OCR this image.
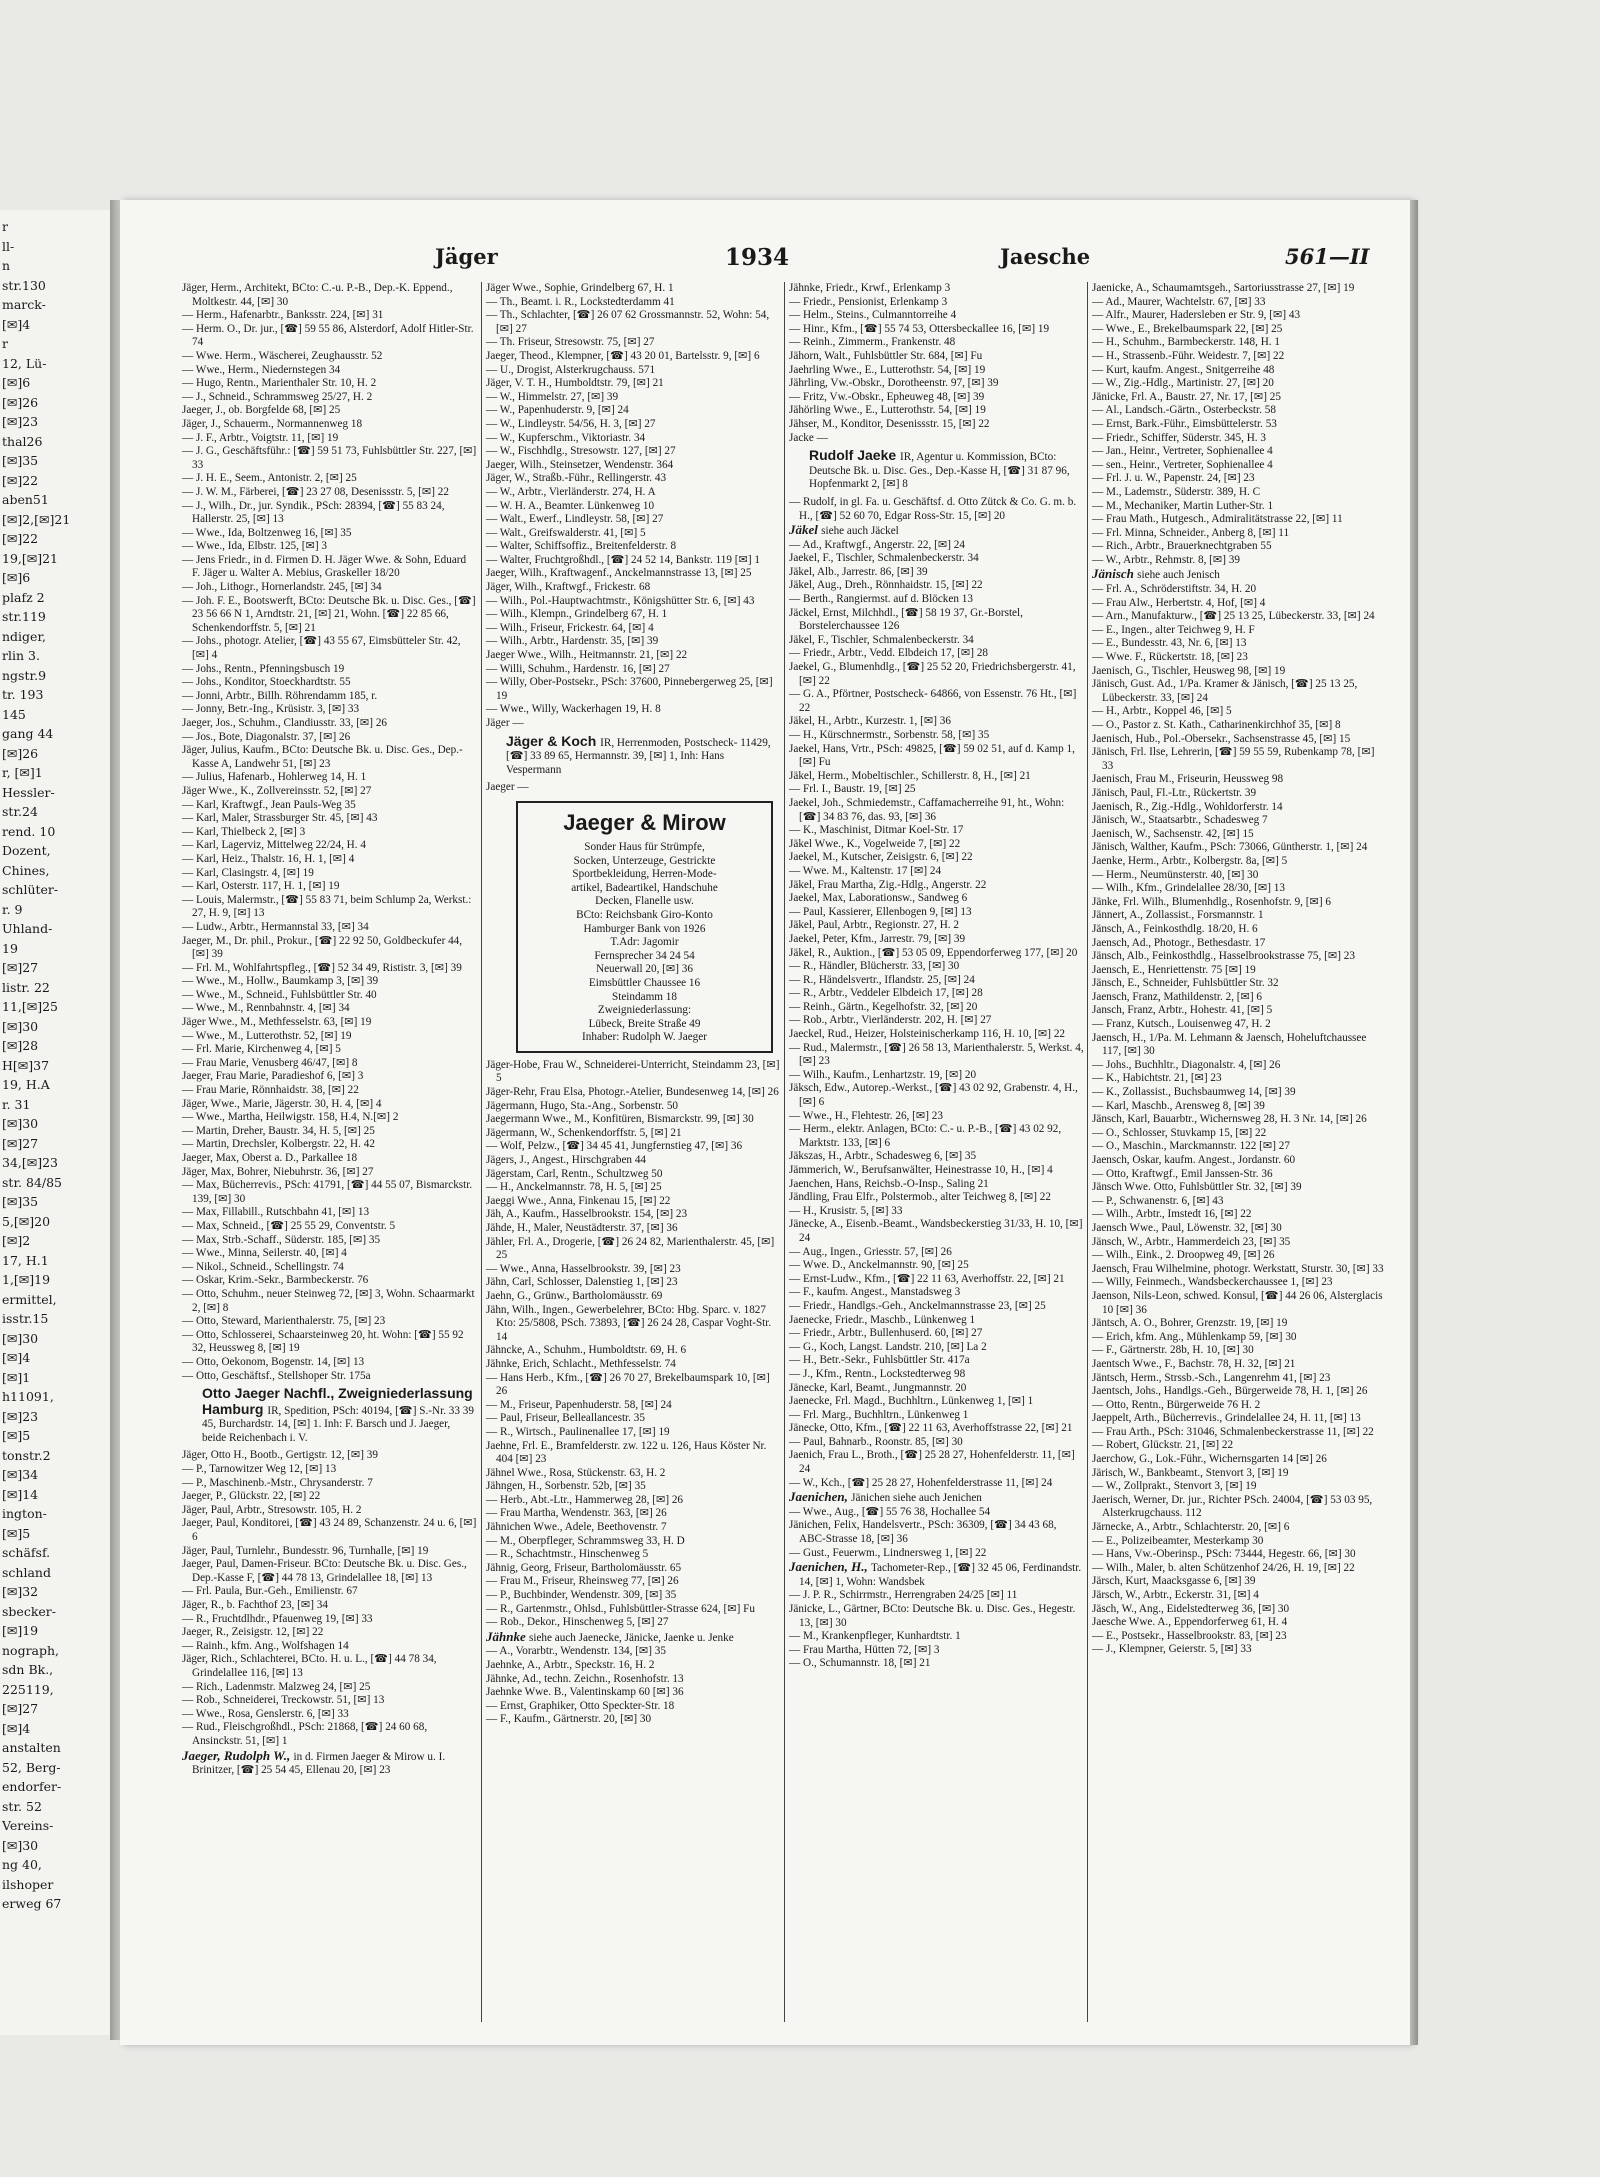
r
ll-
n
str.130
marck-
[✉]4
r
12, Lü-
[✉]6
[✉]26
[✉]23
thal26
[✉]35
[✉]22
aben51
[✉]2,[✉]21
[✉]22
19,[✉]21
[✉]6
plafz 2
str.119
ndiger,
rlin 3.
ngstr.9
tr. 193
145
gang 44
[✉]26
r, [✉]1
Hessler-
str.24
rend. 10
Dozent,
Chines,
schlüter-
r. 9
Uhland-
19
[✉]27
listr. 22
11,[✉]25
[✉]30
[✉]28
H[✉]37
19, H.A
r. 31
[✉]30
[✉]27
34,[✉]23
str. 84/85
[✉]35
5,[✉]20
[✉]2
17, H.1
1,[✉]19
ermittel,
isstr.15
[✉]30
[✉]4
[✉]1
h11091,
[✉]23
[✉]5
tonstr.2
[✉]34
[✉]14
ington-
[✉]5
schäfsf.
schland
[✉]32
sbecker-
[✉]19
nograph,
sdn Bk.,
225119,
[✉]27
[✉]4
anstalten
52, Berg-
endorfer-
str. 52
Vereins-
[✉]30
ng 40,
ilshoper
erweg 67
Jäger	1934	Jaesche	561—II
Jäger, Herm., Architekt, BCto: C.-u. P.-B., Dep.-K. Eppend., Moltkestr. 44, [✉] 30
— Herm., Hafenarbtr., Banksstr. 224, [✉] 31
— Herm. O., Dr. jur., [☎] 59 55 86, Alsterdorf, Adolf Hitler-Str. 74
— Wwe. Herm., Wäscherei, Zeughausstr. 52
— Wwe., Herm., Niedernstegen 34
— Hugo, Rentn., Marienthaler Str. 10, H. 2
— J., Schneid., Schrammsweg 25/27, H. 2
Jaeger, J., ob. Borgfelde 68, [✉] 25
Jäger, J., Schauerm., Normannenweg 18
— J. F., Arbtr., Voigtstr. 11, [✉] 19
— J. G., Geschäftsführ.: [☎] 59 51 73, Fuhlsbüttler Str. 227, [✉] 33
— J. H. E., Seem., Antonistr. 2, [✉] 25
— J. W. M., Färberei, [☎] 23 27 08, Desenissstr. 5, [✉] 22
— J., Wilh., Dr., jur. Syndik., PSch: 28394, [☎] 55 83 24, Hallerstr. 25, [✉] 13
— Wwe., Ida, Boltzenweg 16, [✉] 35
— Wwe., Ida, Elbstr. 125, [✉] 3
— Jens Friedr., in d. Firmen D. H. Jäger Wwe. & Sohn, Eduard F. Jäger u. Walter A. Mebius, Graskeller 18/20
— Joh., Lithogr., Hornerlandstr. 245, [✉] 34
— Joh. F. E., Bootswerft, BCto: Deutsche Bk. u. Disc. Ges., [☎] 23 56 66 N 1, Arndtstr. 21, [✉] 21, Wohn. [☎] 22 85 66, Schenkendorffstr. 5, [✉] 21
— Johs., photogr. Atelier, [☎] 43 55 67, Eimsbütteler Str. 42, [✉] 4
— Johs., Rentn., Pfenningsbusch 19
— Johs., Konditor, Stoeckhardtstr. 55
— Jonni, Arbtr., Billh. Röhrendamm 185, r.
— Jonny, Betr.-Ing., Krüsistr. 3, [✉] 33
Jaeger, Jos., Schuhm., Clandiusstr. 33, [✉] 26
— Jos., Bote, Diagonalstr. 37, [✉] 26
Jäger, Julius, Kaufm., BCto: Deutsche Bk. u. Disc. Ges., Dep.-Kasse A, Landwehr 51, [✉] 23
— Julius, Hafenarb., Hohlerweg 14, H. 1
Jäger Wwe., K., Zollvereinsstr. 52, [✉] 27
— Karl, Kraftwgf., Jean Pauls-Weg 35
— Karl, Maler, Strassburger Str. 45, [✉] 43
— Karl, Thielbeck 2, [✉] 3
— Karl, Lagerviz, Mittelweg 22/24, H. 4
— Karl, Heiz., Thalstr. 16, H. 1, [✉] 4
— Karl, Clasingstr. 4, [✉] 19
— Karl, Osterstr. 117, H. 1, [✉] 19
— Louis, Malermstr., [☎] 55 83 71, beim Schlump 2a, Werkst.: 27, H. 9, [✉] 13
— Ludw., Arbtr., Hermannstal 33, [✉] 34
Jaeger, M., Dr. phil., Prokur., [☎] 22 92 50, Goldbeckufer 44, [✉] 39
— Frl. M., Wohlfahrtspfleg., [☎] 52 34 49, Rististr. 3, [✉] 39
— Wwe., M., Hollw., Baumkamp 3, [✉] 39
— Wwe., M., Schneid., Fuhlsbüttler Str. 40
— Wwe., M., Rennbahnstr. 4, [✉] 34
Jäger Wwe., M., Methfesselstr. 63, [✉] 19
— Wwe., M., Lutterothstr. 52, [✉] 19
— Frl. Marie, Kirchenweg 4, [✉] 5
— Frau Marie, Venusberg 46/47, [✉] 8
Jaeger, Frau Marie, Paradieshof 6, [✉] 3
— Frau Marie, Rönnhaidstr. 38, [✉] 22
Jäger, Wwe., Marie, Jägerstr. 30, H. 4, [✉] 4
— Wwe., Martha, Heilwigstr. 158, H.4, N.[✉] 2
— Martin, Dreher, Baustr. 34, H. 5, [✉] 25
— Martin, Drechsler, Kolbergstr. 22, H. 42
Jaeger, Max, Oberst a. D., Parkallee 18
Jäger, Max, Bohrer, Niebuhrstr. 36, [✉] 27
— Max, Bücherrevis., PSch: 41791, [☎] 44 55 07, Bismarckstr. 139, [✉] 30
— Max, Fillabill., Rutschbahn 41, [✉] 13
— Max, Schneid., [☎] 25 55 29, Conventstr. 5
— Max, Strb.-Schaff., Süderstr. 185, [✉] 35
— Wwe., Minna, Seilerstr. 40, [✉] 4
— Nikol., Schneid., Schellingstr. 74
— Oskar, Krim.-Sekr., Barmbeckerstr. 76
— Otto, Schuhm., neuer Steinweg 72, [✉] 3, Wohn. Schaarmarkt 2, [✉] 8
— Otto, Steward, Marienthalerstr. 75, [✉] 23
— Otto, Schlosserei, Schaarsteinweg 20, ht. Wohn: [☎] 55 92 32, Heussweg 8, [✉] 19
— Otto, Oekonom, Bogenstr. 14, [✉] 13
— Otto, Geschäftsf., Stellshoper Str. 175a
Otto Jaeger Nachfl., Zweigniederlassung Hamburg IR, Spedition, PSch: 40194, [☎] S.-Nr. 33 39 45, Burchardstr. 14, [✉] 1. Inh: F. Barsch und J. Jaeger, beide Reichenbach i. V.
Jäger, Otto H., Bootb., Gertigstr. 12, [✉] 39
— P., Tarnowitzer Weg 12, [✉] 13
— P., Maschinenb.-Mstr., Chrysanderstr. 7
Jaeger, P., Glückstr. 22, [✉] 22
Jäger, Paul, Arbtr., Stresowstr. 105, H. 2
Jaeger, Paul, Konditorei, [☎] 43 24 89, Schanzenstr. 24 u. 6, [✉] 6
Jäger, Paul, Turnlehr., Bundesstr. 96, Turnhalle, [✉] 19
Jaeger, Paul, Damen-Friseur. BCto: Deutsche Bk. u. Disc. Ges., Dep.-Kasse F, [☎] 44 78 13, Grindelallee 18, [✉] 13
— Frl. Paula, Bur.-Geh., Emilienstr. 67
Jäger, R., b. Fachthof 23, [✉] 34
— R., Fruchtdlhdr., Pfauenweg 19, [✉] 33
Jaeger, R., Zeisigstr. 12, [✉] 22
— Rainh., kfm. Ang., Wolfshagen 14
Jäger, Rich., Schlachterei, BCto. H. u. L., [☎] 44 78 34, Grindelallee 116, [✉] 13
— Rich., Ladenmstr. Malzweg 24, [✉] 25
— Rob., Schneiderei, Treckowstr. 51, [✉] 13
— Wwe., Rosa, Genslerstr. 6, [✉] 33
— Rud., Fleischgroßhdl., PSch: 21868, [☎] 24 60 68, Ansinckstr. 51, [✉] 1
Jaeger, Rudolph W., in d. Firmen Jaeger & Mirow u. I. Brinitzer, [☎] 25 54 45, Ellenau 20, [✉] 23
Jäger Wwe., Sophie, Grindelberg 67, H. 1
— Th., Beamt. i. R., Lockstedterdamm 41
— Th., Schlachter, [☎] 26 07 62 Grossmannstr. 52, Wohn: 54, [✉] 27
— Th. Friseur, Stresowstr. 75, [✉] 27
Jaeger, Theod., Klempner, [☎] 43 20 01, Bartelsstr. 9, [✉] 6
— U., Drogist, Alsterkrugchauss. 571
Jäger, V. T. H., Humboldtstr. 79, [✉] 21
— W., Himmelstr. 27, [✉] 39
— W., Papenhuderstr. 9, [✉] 24
— W., Lindleystr. 54/56, H. 3, [✉] 27
— W., Kupferschm., Viktoriastr. 34
— W., Fischhdlg., Stresowstr. 127, [✉] 27
Jaeger, Wilh., Steinsetzer, Wendenstr. 364
Jäger, W., Straßb.-Führ., Rellingerstr. 43
— W., Arbtr., Vierländerstr. 274, H. A
— W. H. A., Beamter. Lünkenweg 10
— Walt., Ewerf., Lindleystr. 58, [✉] 27
— Walt., Greifswalderstr. 41, [✉] 5
— Walter, Schiffsoffiz., Breitenfelderstr. 8
— Walter, Fruchtgroßhdl., [☎] 24 52 14, Bankstr. 119 [✉] 1
Jaeger, Wilh., Kraftwagenf., Anckelmannstrasse 13, [✉] 25
Jäger, Wilh., Kraftwgf., Frickestr. 68
— Wilh., Pol.-Hauptwachtmstr., Königshütter Str. 6, [✉] 43
— Wilh., Klempn., Grindelberg 67, H. 1
— Wilh., Friseur, Frickestr. 64, [✉] 4
— Wilh., Arbtr., Hardenstr. 35, [✉] 39
Jaeger Wwe., Wilh., Heitmannstr. 21, [✉] 22
— Willi, Schuhm., Hardenstr. 16, [✉] 27
— Willy, Ober-Postsekr., PSch: 37600, Pinnebergerweg 25, [✉] 19
— Wwe., Willy, Wackerhagen 19, H. 8
Jäger —
Jäger & Koch IR, Herrenmoden, Postscheck- 11429, [☎] 33 89 65, Hermannstr. 39, [✉] 1, Inh: Hans Vespermann
Jaeger —
Jaeger & Mirow
Sonder Haus für Strümpfe,
Socken, Unterzeuge, Gestrickte
Sportbekleidung, Herren-Mode-
artikel, Badeartikel, Handschuhe
Decken, Flanelle usw.
BCto: Reichsbank Giro-Konto
Hamburger Bank von 1926
T.Adr: Jagomir
Fernsprecher 34 24 54
Neuerwall 20, [✉] 36
Eimsbüttler Chaussee 16
Steindamm 18
Zweigniederlassung:
Lübeck, Breite Straße 49
Inhaber: Rudolph W. Jaeger
Jäger-Hobe, Frau W., Schneiderei-Unterricht, Steindamm 23, [✉] 5
Jäger-Rehr, Frau Elsa, Photogr.-Atelier, Bundesenweg 14, [✉] 26
Jägermann, Hugo, Sta.-Ang., Sorbenstr. 50
Jaegermann Wwe., M., Konfitüren, Bismarckstr. 99, [✉] 30
Jägermann, W., Schenkendorffstr. 5, [✉] 21
— Wolf, Pelzw., [☎] 34 45 41, Jungfernstieg 47, [✉] 36
Jägers, J., Angest., Hirschgraben 44
Jägerstam, Carl, Rentn., Schultzweg 50
— H., Anckelmannstr. 78, H. 5, [✉] 25
Jaeggi Wwe., Anna, Finkenau 15, [✉] 22
Jäh, A., Kaufm., Hasselbrookstr. 154, [✉] 23
Jähde, H., Maler, Neustädterstr. 37, [✉] 36
Jähler, Frl. A., Drogerie, [☎] 26 24 82, Marienthalerstr. 45, [✉] 25
— Wwe., Anna, Hasselbrookstr. 39, [✉] 23
Jähn, Carl, Schlosser, Dalenstieg 1, [✉] 23
Jaehn, G., Grünw., Bartholomäusstr. 69
Jähn, Wilh., Ingen., Gewerbelehrer, BCto: Hbg. Sparc. v. 1827 Kto: 25/5808, PSch. 73893, [☎] 26 24 28, Caspar Voght-Str. 14
Jähncke, A., Schuhm., Humboldtstr. 69, H. 6
Jähnke, Erich, Schlacht., Methfesselstr. 74
— Hans Herb., Kfm., [☎] 26 70 27, Brekelbaumspark 10, [✉] 26
— M., Friseur, Papenhuderstr. 58, [✉] 24
— Paul, Friseur, Belleallancestr. 35
— R., Wirtsch., Paulinenallee 17, [✉] 19
Jaehne, Frl. E., Bramfelderstr. zw. 122 u. 126, Haus Köster Nr. 404 [✉] 23
Jähnel Wwe., Rosa, Stückenstr. 63, H. 2
Jähngen, H., Sorbenstr. 52b, [✉] 35
— Herb., Abt.-Ltr., Hammerweg 28, [✉] 26
— Frau Martha, Wendenstr. 363, [✉] 26
Jähnichen Wwe., Adele, Beethovenstr. 7
— M., Oberpfleger, Schrammsweg 33, H. D
— R., Schachtmstr., Hinschenweg 5
Jähnig, Georg, Friseur, Bartholomäusstr. 65
— Frau M., Friseur, Rheinsweg 77, [✉] 26
— P., Buchbinder, Wendenstr. 309, [✉] 35
— R., Gartenmstr., Ohlsd., Fuhlsbüttler-Strasse 624, [✉] Fu
— Rob., Dekor., Hinschenweg 5, [✉] 27
Jähnke siehe auch Jaenecke, Jänicke, Jaenke u. Jenke
— A., Vorarbtr., Wendenstr. 134, [✉] 35
Jaehnke, A., Arbtr., Speckstr. 16, H. 2
Jähnke, Ad., techn. Zeichn., Rosenhofstr. 13
Jaehnke Wwe. B., Valentinskamp 60 [✉] 36
— Ernst, Graphiker, Otto Speckter-Str. 18
— F., Kaufm., Gärtnerstr. 20, [✉] 30
Jähnke, Friedr., Krwf., Erlenkamp 3
— Friedr., Pensionist, Erlenkamp 3
— Helm., Steins., Culmanntorreihe 4
— Hinr., Kfm., [☎] 55 74 53, Ottersbeckallee 16, [✉] 19
— Reinh., Zimmerm., Frankenstr. 48
Jähorn, Walt., Fuhlsbüttler Str. 684, [✉] Fu
Jaehrling Wwe., E., Lutterothstr. 54, [✉] 19
Jährling, Vw.-Obskr., Dorotheenstr. 97, [✉] 39
— Fritz, Vw.-Obskr., Epheuweg 48, [✉] 39
Jähörling Wwe., E., Lutterothstr. 54, [✉] 19
Jähser, M., Konditor, Desenissstr. 15, [✉] 22
Jacke —
Rudolf Jaeke IR, Agentur u. Kommission, BCto: Deutsche Bk. u. Disc. Ges., Dep.-Kasse H, [☎] 31 87 96, Hopfenmarkt 2, [✉] 8
— Rudolf, in gl. Fa. u. Geschäftsf. d. Otto Zütck & Co. G. m. b. H., [☎] 52 60 70, Edgar Ross-Str. 15, [✉] 20
Jäkel siehe auch Jäckel
— Ad., Kraftwgf., Angerstr. 22, [✉] 24
Jaekel, F., Tischler, Schmalenbeckerstr. 34
Jäkel, Alb., Jarrestr. 86, [✉] 39
Jäkel, Aug., Dreh., Rönnhaidstr. 15, [✉] 22
— Berth., Rangiermst. auf d. Blöcken 13
Jäckel, Ernst, Milchhdl., [☎] 58 19 37, Gr.-Borstel, Borstelerchaussee 126
Jäkel, F., Tischler, Schmalenbeckerstr. 34
— Friedr., Arbtr., Vedd. Elbdeich 17, [✉] 28
Jaekel, G., Blumenhdlg., [☎] 25 52 20, Friedrichsbergerstr. 41, [✉] 22
— G. A., Pförtner, Postscheck- 64866, von Essenstr. 76 Ht., [✉] 22
Jäkel, H., Arbtr., Kurzestr. 1, [✉] 36
— H., Kürschnermstr., Sorbenstr. 58, [✉] 35
Jaekel, Hans, Vrtr., PSch: 49825, [☎] 59 02 51, auf d. Kamp 1, [✉] Fu
Jäkel, Herm., Mobeltischler., Schillerstr. 8, H., [✉] 21
— Frl. I., Baustr. 19, [✉] 25
Jaekel, Joh., Schmiedemstr., Caffamacherreihe 91, ht., Wohn: [☎] 34 83 76, das. 93, [✉] 36
— K., Maschinist, Ditmar Koel-Str. 17
Jäkel Wwe., K., Vogelweide 7, [✉] 22
Jaekel, M., Kutscher, Zeisigstr. 6, [✉] 22
— Wwe. M., Kaltenstr. 17 [✉] 24
Jäkel, Frau Martha, Zig.-Hdlg., Angerstr. 22
Jaekel, Max, Laborationsw., Sandweg 6
— Paul, Kassierer, Ellenbogen 9, [✉] 13
Jäkel, Paul, Arbtr., Regionstr. 27, H. 2
Jaekel, Peter, Kfm., Jarrestr. 79, [✉] 39
Jäkel, R., Auktion., [☎] 53 05 09, Eppendorferweg 177, [✉] 20
— R., Händler, Blücherstr. 33, [✉] 30
— R., Händelsvertr., Iflandstr. 25, [✉] 24
— R., Arbtr., Veddeler Elbdeich 17, [✉] 28
— Reinh., Gärtn., Kegelhofstr. 32, [✉] 20
— Rob., Arbtr., Vierländerstr. 202, H. [✉] 27
Jaeckel, Rud., Heizer, Holsteinischerkamp 116, H. 10, [✉] 22
— Rud., Malermstr., [☎] 26 58 13, Marienthalerstr. 5, Werkst. 4, [✉] 23
— Wilh., Kaufm., Lenhartzstr. 19, [✉] 20
Jäksch, Edw., Autorep.-Werkst., [☎] 43 02 92, Grabenstr. 4, H., [✉] 6
— Wwe., H., Flehtestr. 26, [✉] 23
— Herm., elektr. Anlagen, BCto: C.- u. P.-B., [☎] 43 02 92, Marktstr. 133, [✉] 6
Jäkszas, H., Arbtr., Schadesweg 6, [✉] 35
Jämmerich, W., Berufsanwälter, Heinestrasse 10, H., [✉] 4
Jaenchen, Hans, Reichsb.-O-Insp., Saling 21
Jändling, Frau Elfr., Polstermob., alter Teichweg 8, [✉] 22
— H., Krusistr. 5, [✉] 33
Jänecke, A., Eisenb.-Beamt., Wandsbeckerstieg 31/33, H. 10, [✉] 24
— Aug., Ingen., Griesstr. 57, [✉] 26
— Wwe. D., Anckelmannstr. 90, [✉] 25
— Ernst-Ludw., Kfm., [☎] 22 11 63, Averhoffstr. 22, [✉] 21
— F., kaufm. Angest., Manstadsweg 3
— Friedr., Handlgs.-Geh., Anckelmannstrasse 23, [✉] 25
Jaenecke, Friedr., Maschb., Lünkenweg 1
— Friedr., Arbtr., Bullenhuserd. 60, [✉] 27
— G., Koch, Langst. Landstr. 210, [✉] La 2
— H., Betr.-Sekr., Fuhlsbüttler Str. 417a
— J., Kfm., Rentn., Lockstedterweg 98
Jänecke, Karl, Beamt., Jungmannstr. 20
Jaenecke, Frl. Magd., Buchhltrn., Lünkenweg 1, [✉] 1
— Frl. Marg., Buchhltrn., Lünkenweg 1
Jänecke, Otto, Kfm., [☎] 22 11 63, Averhoffstrasse 22, [✉] 21
— Paul, Bahnarb., Roonstr. 85, [✉] 30
Jaenich, Frau L., Broth., [☎] 25 28 27, Hohenfelderstr. 11, [✉] 24
— W., Kch., [☎] 25 28 27, Hohenfelderstrasse 11, [✉] 24
Jaenichen, Jänichen siehe auch Jenichen
— Wwe., Aug., [☎] 55 76 38, Hochallee 54
Jänichen, Felix, Handelsvertr., PSch: 36309, [☎] 34 43 68, ABC-Strasse 18, [✉] 36
— Gust., Feuerwm., Lindnersweg 1, [✉] 22
Jaenichen, H., Tachometer-Rep., [☎] 32 45 06, Ferdinandstr. 14, [✉] 1, Wohn: Wandsbek
— J. P. R., Schirrmstr., Herrengraben 24/25 [✉] 11
Jänicke, L., Gärtner, BCto: Deutsche Bk. u. Disc. Ges., Hegestr. 13, [✉] 30
— M., Krankenpfleger, Kunhardtstr. 1
— Frau Martha, Hütten 72, [✉] 3
— O., Schumannstr. 18, [✉] 21
Jaenicke, A., Schaumamtsgeh., Sartoriusstrasse 27, [✉] 19
— Ad., Maurer, Wachtelstr. 67, [✉] 33
— Alfr., Maurer, Hadersleben er Str. 9, [✉] 43
— Wwe., E., Brekelbaumspark 22, [✉] 25
— H., Schuhm., Barmbeckerstr. 148, H. 1
— H., Strassenb.-Führ. Weidestr. 7, [✉] 22
— Kurt, kaufm. Angest., Snitgerreihe 48
— W., Zig.-Hdlg., Martinistr. 27, [✉] 20
Jänicke, Frl. A., Baustr. 27, Nr. 17, [✉] 25
— Al., Landsch.-Gärtn., Osterbeckstr. 58
— Ernst, Bark.-Führ., Eimsbüttelerstr. 53
— Friedr., Schiffer, Süderstr. 345, H. 3
— Jan., Heinr., Vertreter, Sophienallee 4
— sen., Heinr., Vertreter, Sophienallee 4
— Frl. J. u. W., Papenstr. 24, [✉] 23
— M., Lademstr., Süderstr. 389, H. C
— M., Mechaniker, Martin Luther-Str. 1
— Frau Math., Hutgesch., Admiralitätstrasse 22, [✉] 11
— Frl. Minna, Schneider., Anberg 8, [✉] 11
— Rich., Arbtr., Brauerknechtgraben 55
— W., Arbtr., Rehmstr. 8, [✉] 39
Jänisch siehe auch Jenisch
— Frl. A., Schröderstiftstr. 34, H. 20
— Frau Alw., Herbertstr. 4, Hof, [✉] 4
— Arn., Manufakturw., [☎] 25 13 25, Lübeckerstr. 33, [✉] 24
— E., Ingen., alter Teichweg 9, H. F
— E., Bundesstr. 43, Nr. 6, [✉] 13
— Wwe. F., Rückertstr. 18, [✉] 23
Jaenisch, G., Tischler, Heusweg 98, [✉] 19
Jänisch, Gust. Ad., 1/Pa. Kramer & Jänisch, [☎] 25 13 25, Lübeckerstr. 33, [✉] 24
— H., Arbtr., Koppel 46, [✉] 5
— O., Pastor z. St. Kath., Catharinenkirchhof 35, [✉] 8
Jaenisch, Hub., Pol.-Obersekr., Sachsenstrasse 45, [✉] 15
Jänisch, Frl. Ilse, Lehrerin, [☎] 59 55 59, Rubenkamp 78, [✉] 33
Jaenisch, Frau M., Friseurin, Heussweg 98
Jänisch, Paul, Fl.-Ltr., Rückertstr. 39
Jaenisch, R., Zig.-Hdlg., Wohldorferstr. 14
Jänisch, W., Staatsarbtr., Schadesweg 7
Jaenisch, W., Sachsenstr. 42, [✉] 15
Jänisch, Walther, Kaufm., PSch: 73066, Güntherstr. 1, [✉] 24
Jaenke, Herm., Arbtr., Kolbergstr. 8a, [✉] 5
— Herm., Neumünsterstr. 40, [✉] 30
— Wilh., Kfm., Grindelallee 28/30, [✉] 13
Jänke, Frl. Wilh., Blumenhdlg., Rosenhofstr. 9, [✉] 6
Jännert, A., Zollassist., Forsmannstr. 1
Jänsch, A., Feinkosthdlg. 18/20, H. 6
Jaensch, Ad., Photogr., Bethesdastr. 17
Jänsch, Alb., Feinkosthdlg., Hasselbrookstrasse 75, [✉] 23
Jaensch, E., Henriettenstr. 75 [✉] 19
Jänsch, E., Schneider, Fuhlsbüttler Str. 32
Jaensch, Franz, Mathildenstr. 2, [✉] 6
Jansch, Franz, Arbtr., Hohestr. 41, [✉] 5
— Franz, Kutsch., Louisenweg 47, H. 2
Jaensch, H., 1/Pa. M. Lehmann & Jaensch, Hoheluftchaussee 117, [✉] 30
— Johs., Buchhltr., Diagonalstr. 4, [✉] 26
— K., Habichtstr. 21, [✉] 23
— K., Zollassist., Buchsbaumweg 14, [✉] 39
— Karl, Maschb., Arensweg 8, [✉] 39
Jänsch, Karl, Bauarbtr., Wichernsweg 28, H. 3 Nr. 14, [✉] 26
— O., Schlosser, Stuvkamp 15, [✉] 22
— O., Maschin., Marckmannstr. 122 [✉] 27
Jaensch, Oskar, kaufm. Angest., Jordanstr. 60
— Otto, Kraftwgf., Emil Janssen-Str. 36
Jänsch Wwe. Otto, Fuhlsbüttler Str. 32, [✉] 39
— P., Schwanenstr. 6, [✉] 43
— Wilh., Arbtr., Imstedt 16, [✉] 22
Jaensch Wwe., Paul, Löwenstr. 32, [✉] 30
Jänsch, W., Arbtr., Hammerdeich 23, [✉] 35
— Wilh., Eink., 2. Droopweg 49, [✉] 26
Jaensch, Frau Wilhelmine, photogr. Werkstatt, Sturstr. 30, [✉] 33
— Willy, Feinmech., Wandsbeckerchaussee 1, [✉] 23
Jaenson, Nils-Leon, schwed. Konsul, [☎] 44 26 06, Alsterglacis 10 [✉] 36
Jäntsch, A. O., Bohrer, Grenzstr. 19, [✉] 19
— Erich, kfm. Ang., Mühlenkamp 59, [✉] 30
— F., Gärtnerstr. 28b, H. 10, [✉] 30
Jaentsch Wwe., F., Bachstr. 78, H. 32, [✉] 21
Jäntsch, Herm., Strssb.-Sch., Langenrehm 41, [✉] 23
Jaentsch, Johs., Handlgs.-Geh., Bürgerweide 78, H. 1, [✉] 26
— Otto, Rentn., Bürgerweide 76 H. 2
Jaeppelt, Arth., Bücherrevis., Grindelallee 24, H. 11, [✉] 13
— Frau Arth., PSch: 31046, Schmalenbeckerstrasse 11, [✉] 22
— Robert, Glückstr. 21, [✉] 22
Jaerchow, G., Lok.-Führ., Wichernsgarten 14 [✉] 26
Järisch, W., Bankbeamt., Stenvort 3, [✉] 19
— W., Zollprakt., Stenvort 3, [✉] 19
Jaerisch, Werner, Dr. jur., Richter PSch. 24004, [☎] 53 03 95, Alsterkrugchauss. 112
Järnecke, A., Arbtr., Schlachterstr. 20, [✉] 6
— E., Polizeibeamter, Mesterkamp 30
— Hans, Vw.-Oberinsp., PSch: 73444, Hegestr. 66, [✉] 30
— Wilh., Maler, b. alten Schützenhof 24/26, H. 19, [✉] 22
Järsch, Kurt, Maacksgasse 6, [✉] 39
Järsch, W., Arbtr., Eckerstr. 31, [✉] 4
Jäsch, W., Ang., Eidelstedterweg 36, [✉] 30
Jaesche Wwe. A., Eppendorferweg 61, H. 4
— E., Postsekr., Hasselbrookstr. 83, [✉] 23
— J., Klempner, Geierstr. 5, [✉] 33
